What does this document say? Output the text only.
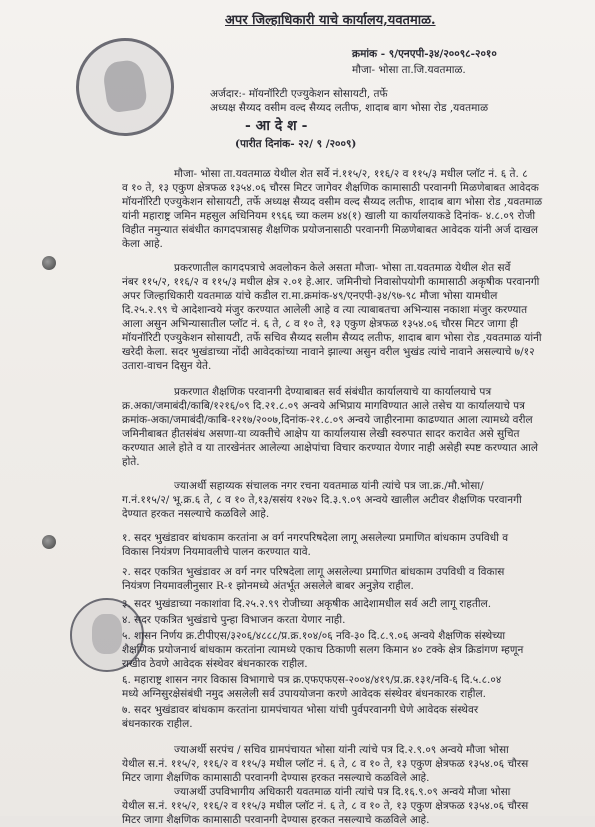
अपर जिल्हाधिकारी याचे कार्यालय,यवतमाळ.
क्रमांक - ९/एनएपी-३४/२००९८-२०१०
मौजा- भोसा ता.जि.यवतमाळ.
अर्जदार:- मॉयनॉरिटी एज्युकेशन सोसायटी, तर्फे
अध्यक्ष सैय्यद वसीम वल्द सैय्यद लतीफ, शादाब बाग भोसा रोड ,यवतमाळ
- आ दे श -
(पारीत दिनांक- २२/ ९ /२००९)
मौजा- भोसा ता.यवतमाळ येथील शेत सर्वे नं.११५/२, ११६/२ व ११५/३ मधील प्लॉट नं. ६ ते. ८
व १० ते, १३ एकुण क्षेत्रफळ १३५४.०६ चौरस मिटर जागेवर शैक्षणिक कामासाठी परवानगी मिळणेबाबत आवेदक
मॉयनॉरिटी एज्युकेशन सोसायटी, तर्फे अध्यक्ष सैय्यद वसीम वल्द सैय्यद लतीफ, शादाब बाग भोसा रोड ,यवतमाळ
यांनी महाराष्ट्र जमिन महसुल अधिनियम १९६६ च्या कलम ४४(१) खाली या कार्यालयाकडे दिनांक- ४.८.०९ रोजी
विहीत नमुन्यात संबंधीत कागदपत्रासह शैक्षणिक प्रयोजनासाठी परवानगी मिळणेबाबत आवेदक यांनी अर्ज दाखल
केला आहे.
प्रकरणातील कागदपत्राचे अवलोकन केले असता मौजा- भोसा ता.यवतमाळ येथील शेत सर्वे
नंबर ११५/२, ११६/२ व ११५/३ मधील क्षेत्र २.०१ हे.आर. जमिनीचो निवासोपयोगी कामासाठी अकृषीक परवानगी
अपर जिल्हाधिकारी यवतमाळ यांचे कडील रा.मा.क्रमांक-४९/एनएपी-३४/९७-९८ मौजा भोसा यामधील
दि.२५.२.९९ चे आदेशान्वये मंजुर करण्यात आलेली आहे व त्या त्याबाबतचा अभिन्यास नकाशा मंजुर करण्यात
आला असुन अभिन्यासातील प्लॉट नं. ६ ते, ८ व १० ते, १३ एकुण क्षेत्रफळ १३५४.०६ चौरस मिटर जागा ही
मॉयनॉरिटी एज्युकेशन सोसायटी, तर्फे सचिव सैय्यद सलीम सैय्यद लतीफ, शादाब बाग भोसा रोड ,यवतमाळ यांनी
खरेदी केला. सदर भुखंडाच्या नोंदी आवेदकांच्या नावाने झाल्या असुन वरील भुखंड त्यांचे नावाने असल्याचे ७/१२
उतारा-वाचन दिसुन येते.
प्रकरणात शैक्षणिक परवानगी देण्याबाबत सर्व संबंधीत कार्यालयाचे या कार्यालयाचे पत्र
क्र.अका/जमाबंदी/काबि/१२१६/०९ दि.२१.८.०९ अन्वये अभिप्राय मागविण्यात आले तसेच या कार्यालयाचे पत्र
क्रमांक-अका/जमाबंदी/काबि-१२१७/२००७,दिनांक-२१.८.०९ अन्वये जाहीरनामा काढण्यात आला त्यामध्ये वरील
जमिनीबाबत हीतसंबंध असणा-या व्यक्तीचे आक्षेप या कार्यालयास लेखी स्वरुपात सादर करावेत असे सुचित
करण्यात आले होते व या तारखेनंतर आलेल्या आक्षेपांचा विचार करण्यात येणार नाही असेही स्पष्ट करण्यात आले
होते.
ज्याअर्थी सहाय्यक संचालक नगर रचना यवतमाळ यांनी त्यांचे पत्र जा.क्र./मौ.भोसा/
ग.नं.११५/२/ भू.क्र.६ ते, ८ व १० ते,१३/ससंय १२७२ दि.३.९.०९ अन्वये खालील अटीवर शैक्षणिक परवानगी
देण्यात हरकत नसल्याचे कळविले आहे.
१. सदर भुखंडावर बांधकाम करतांना अ वर्ग नगरपरिषदेला लागू असलेल्या प्रमाणित बांधकाम उपविधी व
विकास नियंत्रण नियमावलीचे पालन करण्यात यावे.
२. सदर एकत्रित भुखंडावर अ वर्ग नगर परिषदेला लागू असलेल्या प्रमाणित बांधकाम उपविधी व विकास
नियंत्रण नियमावलीनुसार R-१ झोनमध्ये अंतर्भूत असलेले बाबर अनुज्ञेय राहील.
३. सदर भुखंडाच्या नकाशांवा दि.२५.२.९९ रोजीच्या अकृषीक आदेशामधील सर्व अटी लागू राहतील.
४. सदर एकत्रित भुखंडाचे पुन्हा विभाजन करता येणार नाही.
५. शासन निर्णय क्र.टीपीएस/३२०६/४८८८/प्र.क्र.१०४/०६ नवि-३० दि.८.९.०६ अन्वये शैक्षणिक संस्थेच्या
शैक्षणिक प्रयोजनार्थ बांधकाम करतांना त्यामध्ये एकाच ठिकाणी सलग किमान ४० टक्के क्षेत्र क्रिडांगण म्हणून
राखीव ठेवणे आवेदक संस्थेवर बंधनकारक राहील.
६. महाराष्ट्र शासन नगर विकास विभागाचे पत्र क्र.एफएफएस-२००४/४१९/प्र.क्र.१३१/नवि-६ दि.५.८.०४
मध्ये अग्निसुरक्षेसंबंधी नमुद असलेली सर्व उपाययोजना करणे आवेदक संस्थेवर बंधनकारक राहील.
७. सदर भुखंडावर बांधकाम करतांना ग्रामपंचायत भोसा यांची पुर्वपरवानगी घेणे आवेदक संस्थेवर
बंधनकारक राहील.
ज्याअर्थी सरपंच / सचिव ग्रामपंचायत भोसा यांनी त्यांचे पत्र दि.२.९.०९ अन्वये मौजा भोसा
येथील स.नं. ११५/२, ११६/२ व ११५/३ मधील प्लॉट नं. ६ ते, ८ व १० ते, १३ एकुण क्षेत्रफळ १३५४.०६ चौरस
मिटर जागा शैक्षणिक कामासाठी परवानगी देण्यास हरकत नसल्याचे कळविले आहे.
ज्याअर्थी उपविभागीय अधिकारी यवतमाळ यांनी त्यांचे पत्र दि.१६.९.०९ अन्वये मौजा भोसा
येथील स.नं. ११५/२, ११६/२ व ११५/३ मधील प्लॉट नं. ६ ते, ८ व १० ते, १३ एकुण क्षेत्रफळ १३५४.०६ चौरस
मिटर जागा शैक्षणिक कामासाठी परवानगी देण्यास हरकत नसल्याचे कळविले आहे.
